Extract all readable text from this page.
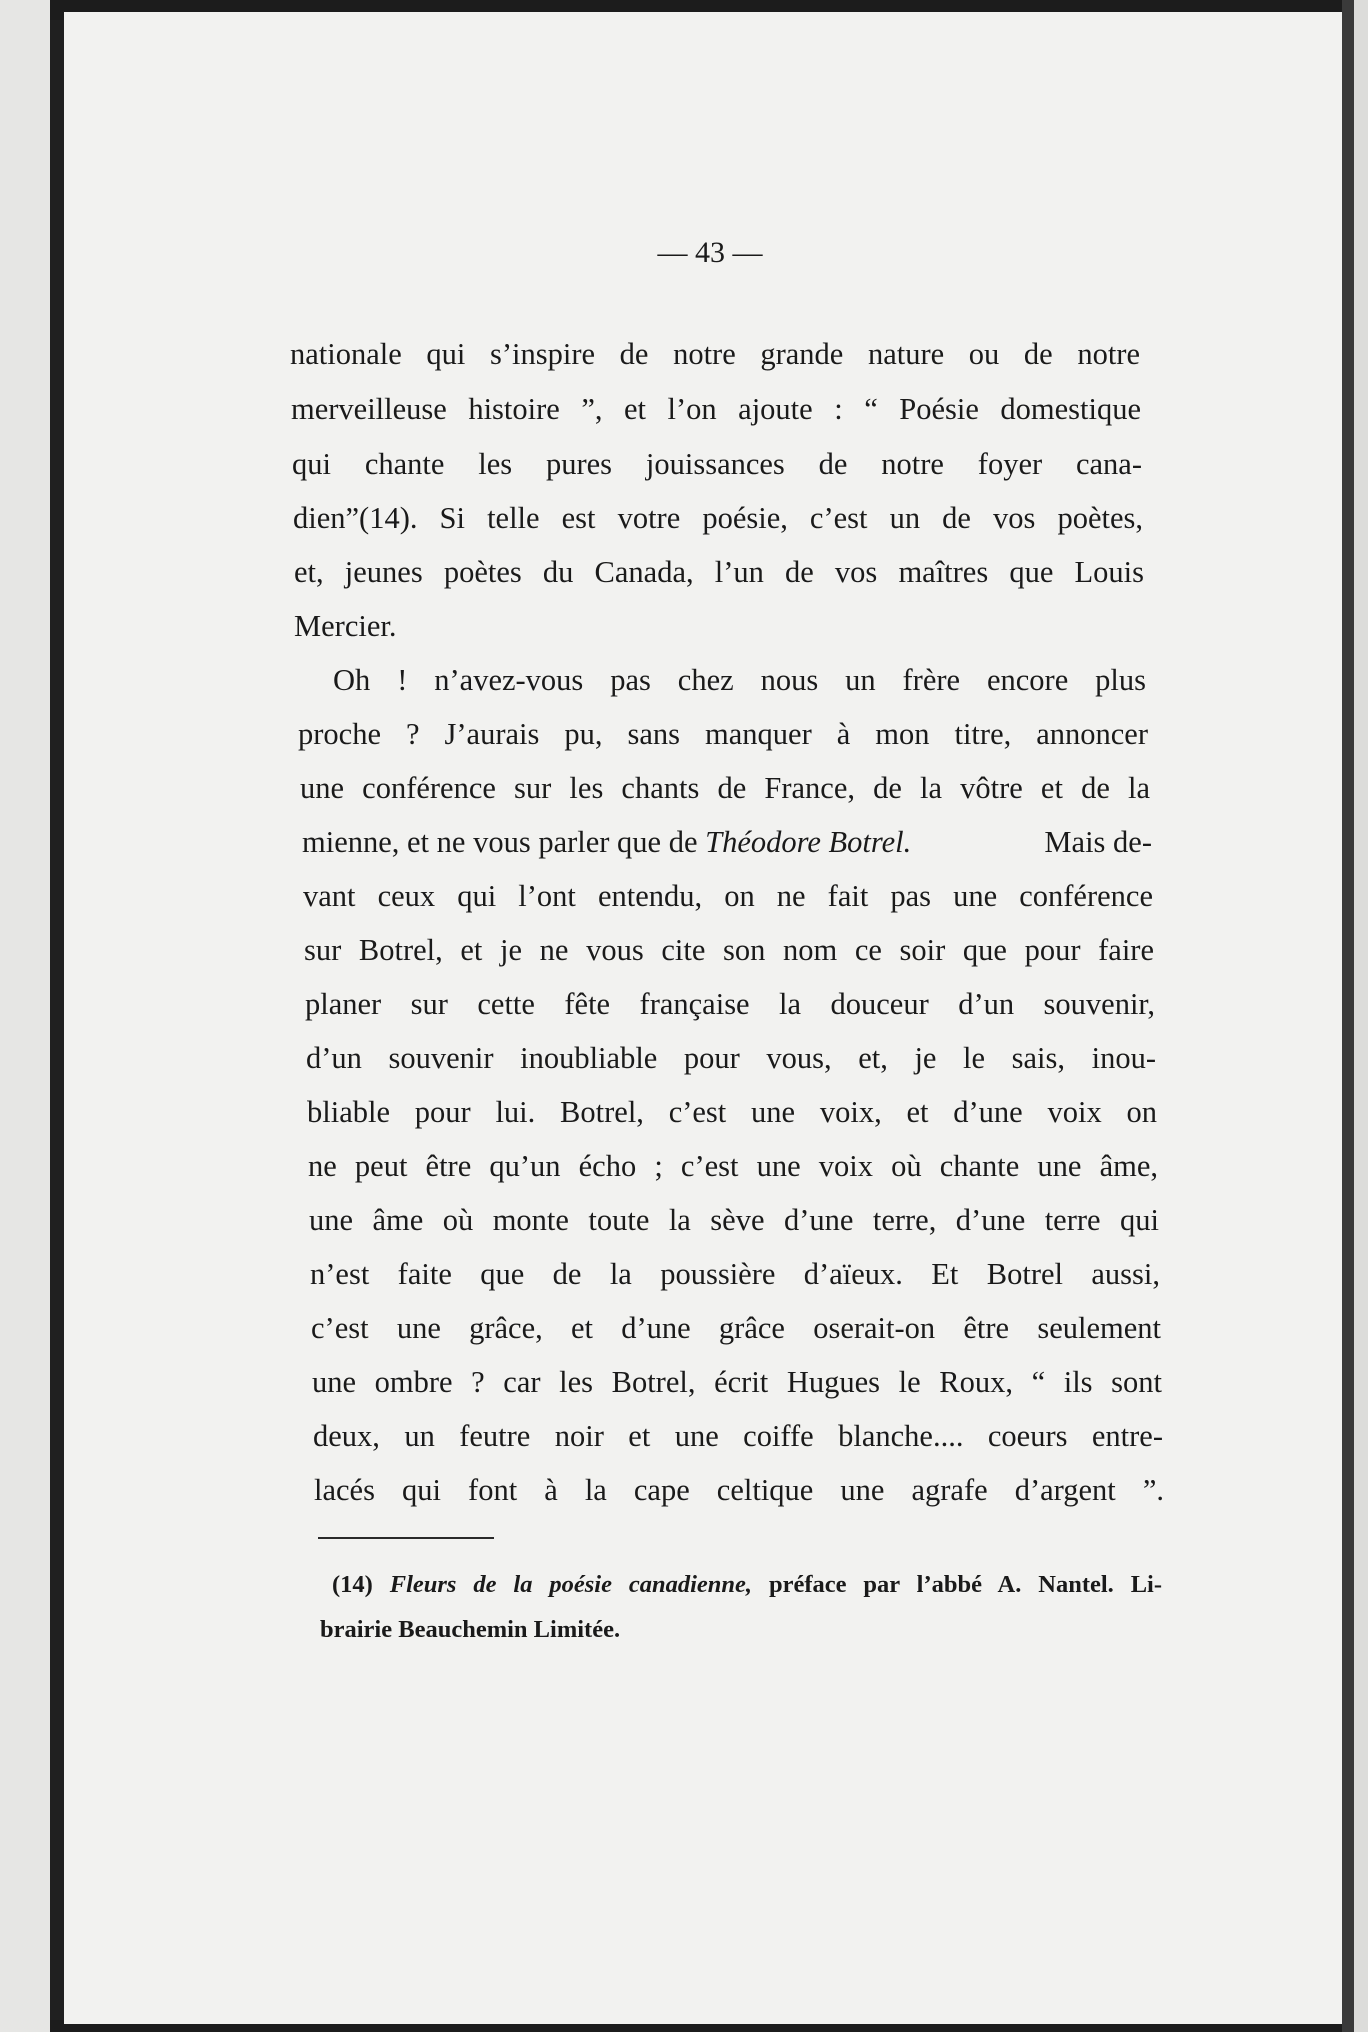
— 43 —
nationale qui s’inspire de notre grande nature ou de notre
merveilleuse histoire ”, et l’on ajoute : “ Poésie domestique
qui chante les pures jouissances de notre foyer cana-
dien”(14). Si telle est votre poésie, c’est un de vos poètes,
et, jeunes poètes du Canada, l’un de vos maîtres que Louis
Mercier.
Oh ! n’avez-vous pas chez nous un frère encore plus
proche ? J’aurais pu, sans manquer à mon titre, annoncer
une conférence sur les chants de France, de la vôtre et de la
mienne, et ne vous parler que de Théodore Botrel.	Mais de-
vant ceux qui l’ont entendu, on ne fait pas une conférence
sur Botrel, et je ne vous cite son nom ce soir que pour faire
planer sur cette fête française la douceur d’un souvenir,
d’un souvenir inoubliable pour vous, et, je le sais, inou-
bliable pour lui. Botrel, c’est une voix, et d’une voix on
ne peut être qu’un écho ; c’est une voix où chante une âme,
une âme où monte toute la sève d’une terre, d’une terre qui
n’est faite que de la poussière d’aïeux. Et Botrel aussi,
c’est une grâce, et d’une grâce oserait-on être seulement
une ombre ? car les Botrel, écrit Hugues le Roux, “ ils sont
deux, un feutre noir et une coiffe blanche.... coeurs entre-
lacés qui font à la cape celtique une agrafe d’argent ”.
(14) Fleurs de la poésie canadienne, préface par l’abbé A. Nantel. Li-
brairie Beauchemin Limitée.
